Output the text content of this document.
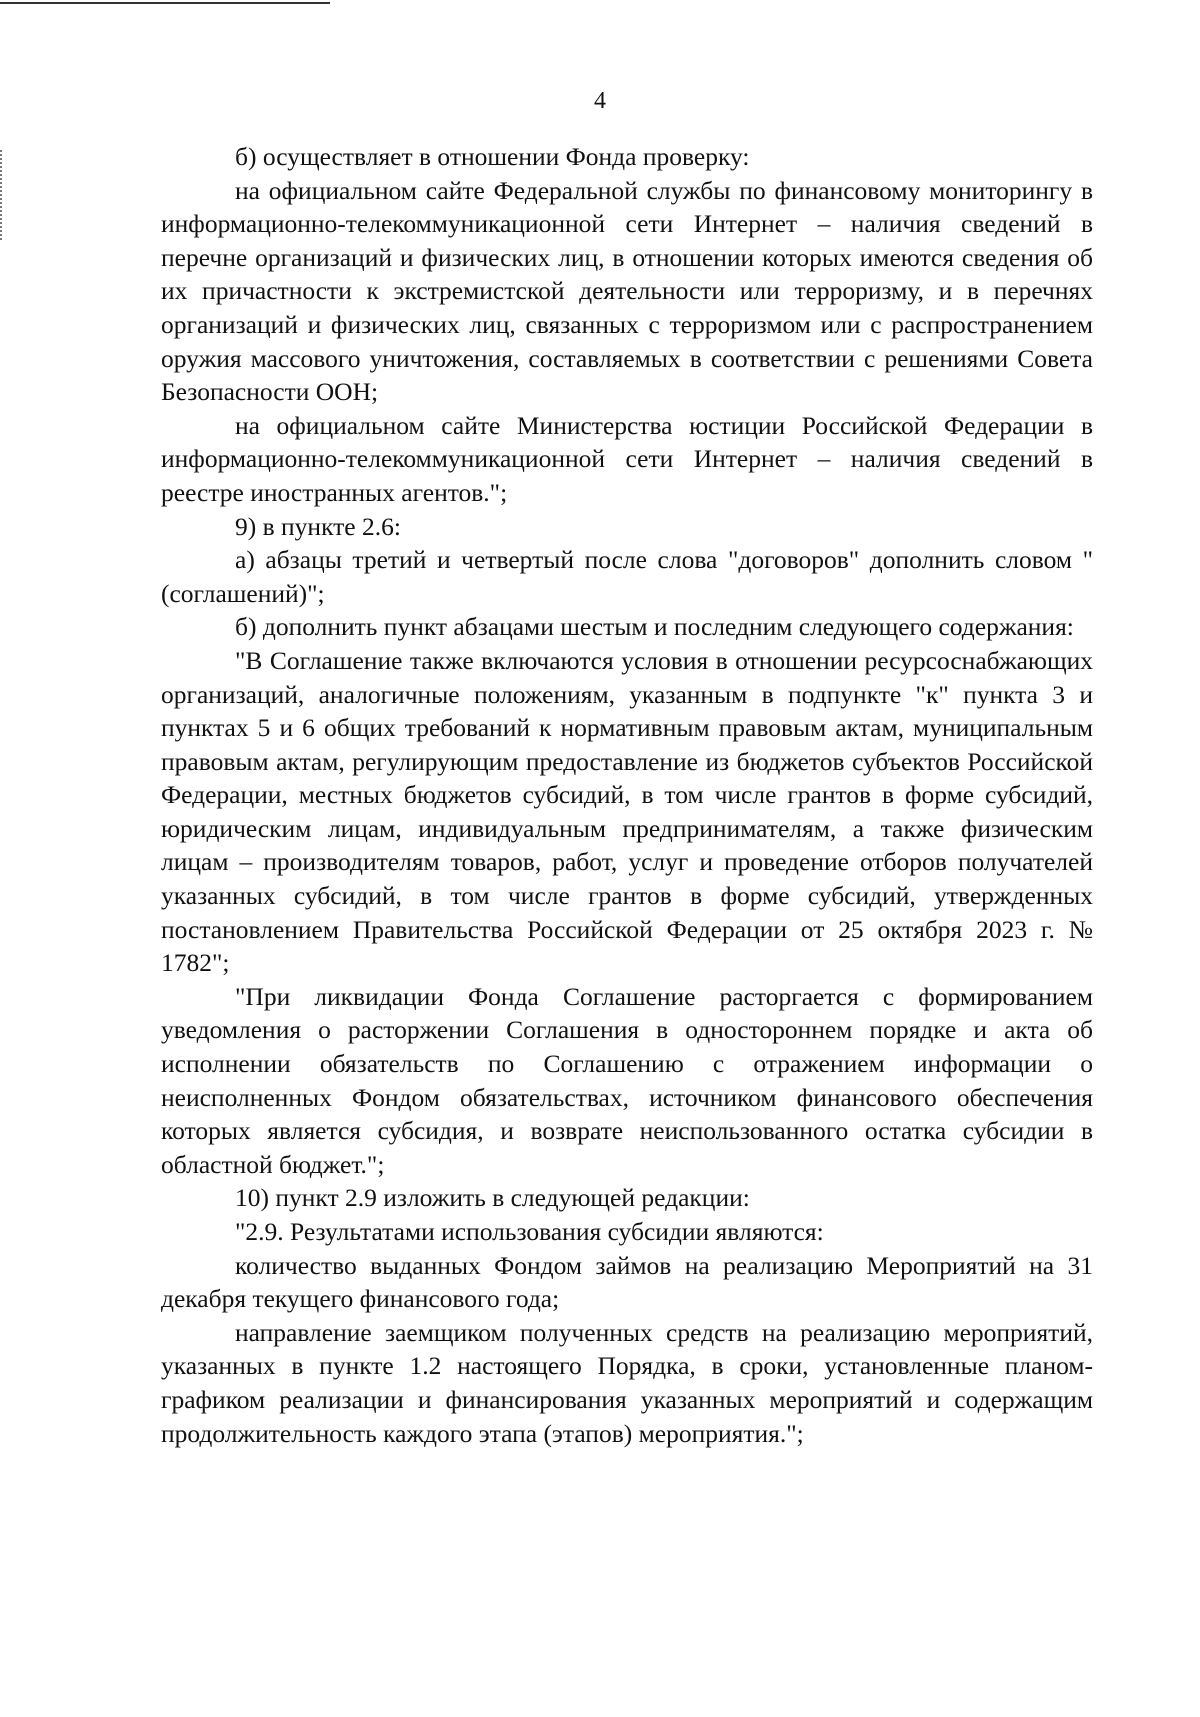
4

б) осуществляет в отношении Фонда проверку:

на официальном сайте Федеральной службы по финансовому мониторингу в информационно-телекоммуникационной сети Интернет – наличия сведений в перечне организаций и физических лиц, в отношении которых имеются сведения об их причастности к экстремистской деятельности или терроризму, и в перечнях организаций и физических лиц, связанных с терроризмом или с распространением оружия массового уничтожения, составляемых в соответствии с решениями Совета Безопасности ООН;

на официальном сайте Министерства юстиции Российской Федерации в информационно-телекоммуникационной сети Интернет – наличия сведений в реестре иностранных агентов.";

9) в пункте 2.6:

а) абзацы третий и четвертый после слова "договоров" дополнить словом "(соглашений)";

б) дополнить пункт абзацами шестым и последним следующего содержания:

"В Соглашение также включаются условия в отношении ресурсоснабжающих организаций, аналогичные положениям, указанным в подпункте "к" пункта 3 и пунктах 5 и 6 общих требований к нормативным правовым актам, муниципальным правовым актам, регулирующим предоставление из бюджетов субъектов Российской Федерации, местных бюджетов субсидий, в том числе грантов в форме субсидий, юридическим лицам, индивидуальным предпринимателям, а также физическим лицам – производителям товаров, работ, услуг и проведение отборов получателей указанных субсидий, в том числе грантов в форме субсидий, утвержденных постановлением Правительства Российской Федерации от 25 октября 2023 г. № 1782";

"При ликвидации Фонда Соглашение расторгается с формированием уведомления о расторжении Соглашения в одностороннем порядке и акта об исполнении обязательств по Соглашению с отражением информации о неисполненных Фондом обязательствах, источником финансового обеспечения которых является субсидия, и возврате неиспользованного остатка субсидии в областной бюджет.";

10) пункт 2.9 изложить в следующей редакции:

"2.9. Результатами использования субсидии являются:

количество выданных Фондом займов на реализацию Мероприятий на 31 декабря текущего финансового года;

направление заемщиком полученных средств на реализацию мероприятий, указанных в пункте 1.2 настоящего Порядка, в сроки, установленные планом-графиком реализации и финансирования указанных мероприятий и содержащим продолжительность каждого этапа (этапов) мероприятия.";
